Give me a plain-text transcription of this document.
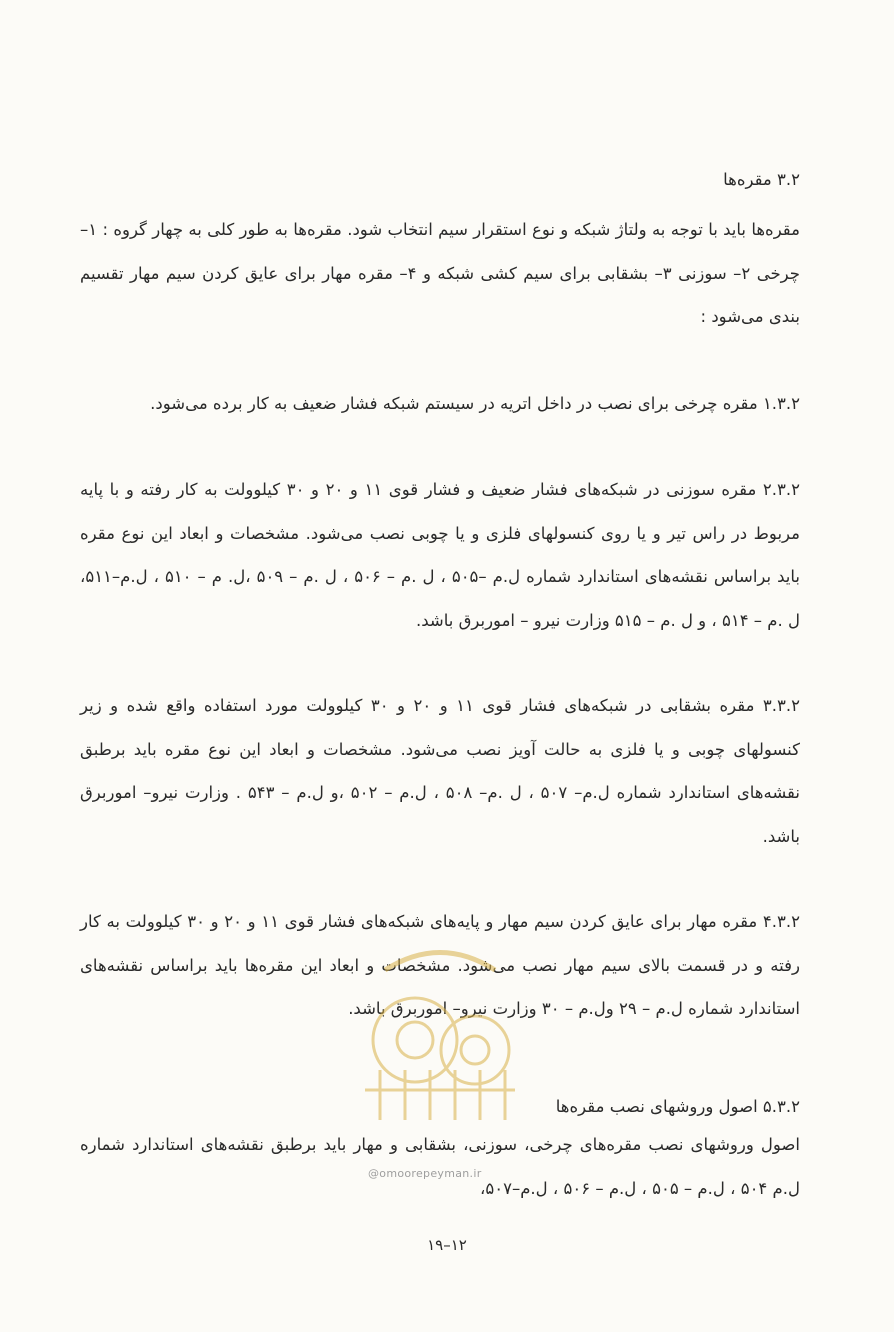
۳.۲ مقره‌ها

مقره‌ها باید با توجه به ولتاژ شبکه و نوع استقرار سیم انتخاب شود. مقره‌ها به طور کلی به چهار گروه : ۱– چرخی ۲– سوزنی ۳– بشقابی برای سیم کشی شبکه و ۴– مقره مهار برای عایق کردن سیم مهار تقسیم بندی می‌شود :

۱.۳.۲ مقره چرخی برای نصب در داخل اتریه در سیستم شبکه فشار ضعیف به کار برده می‌شود.

۲.۳.۲ مقره سوزنی در شبکه‌های فشار ضعیف و فشار قوی ۱۱ و ۲۰ و ۳۰ کیلوولت به کار رفته و با پایه مربوط در راس تیر و یا روی کنسولهای فلزی و یا چوبی نصب می‌شود. مشخصات و ابعاد این نوع مقره باید براساس نقشه‌های استاندارد شماره ل.م –۵۰۵ ، ل .م – ۵۰۶ ، ل .م – ۵۰۹ ،ل. م – ۵۱۰ ، ل.م–۵۱۱، ل .م – ۵۱۴ ، و ل .م – ۵۱۵ وزارت نیرو – اموربرق باشد.

۳.۳.۲ مقره بشقابی در شبکه‌های فشار قوی ۱۱ و ۲۰ و ۳۰ کیلوولت مورد استفاده واقع شده و زیر کنسولهای چوبی و یا فلزی به حالت آویز نصب می‌شود. مشخصات و ابعاد این نوع مقره باید برطبق نقشه‌های استاندارد شماره ل.م– ۵۰۷ ، ل .م– ۵۰۸ ، ل.م – ۵۰۲ ،و ل.م – ۵۴۳ . وزارت نیرو– اموربرق باشد.

۴.۳.۲ مقره مهار برای عایق کردن سیم مهار و پایه‌های شبکه‌های فشار قوی ۱۱ و ۲۰ و ۳۰ کیلوولت به کار رفته و در قسمت بالای سیم مهار نصب می‌شود. مشخصات و ابعاد این مقره‌ها باید براساس نقشه‌های استاندارد شماره ل.م – ۲۹ ول.م – ۳۰ وزارت نیرو– اموربرق باشد.

۵.۳.۲ اصول وروشهای نصب مقره‌ها

اصول وروشهای نصب مقره‌های چرخی، سوزنی، بشقابی و مهار باید برطبق نقشه‌های استاندارد شماره ل.م ۵۰۴ ، ل.م – ۵۰۵ ، ل.م – ۵۰۶ ، ل.م–۵۰۷،

@omoorepeyman.ir
۱۹–۱۲
